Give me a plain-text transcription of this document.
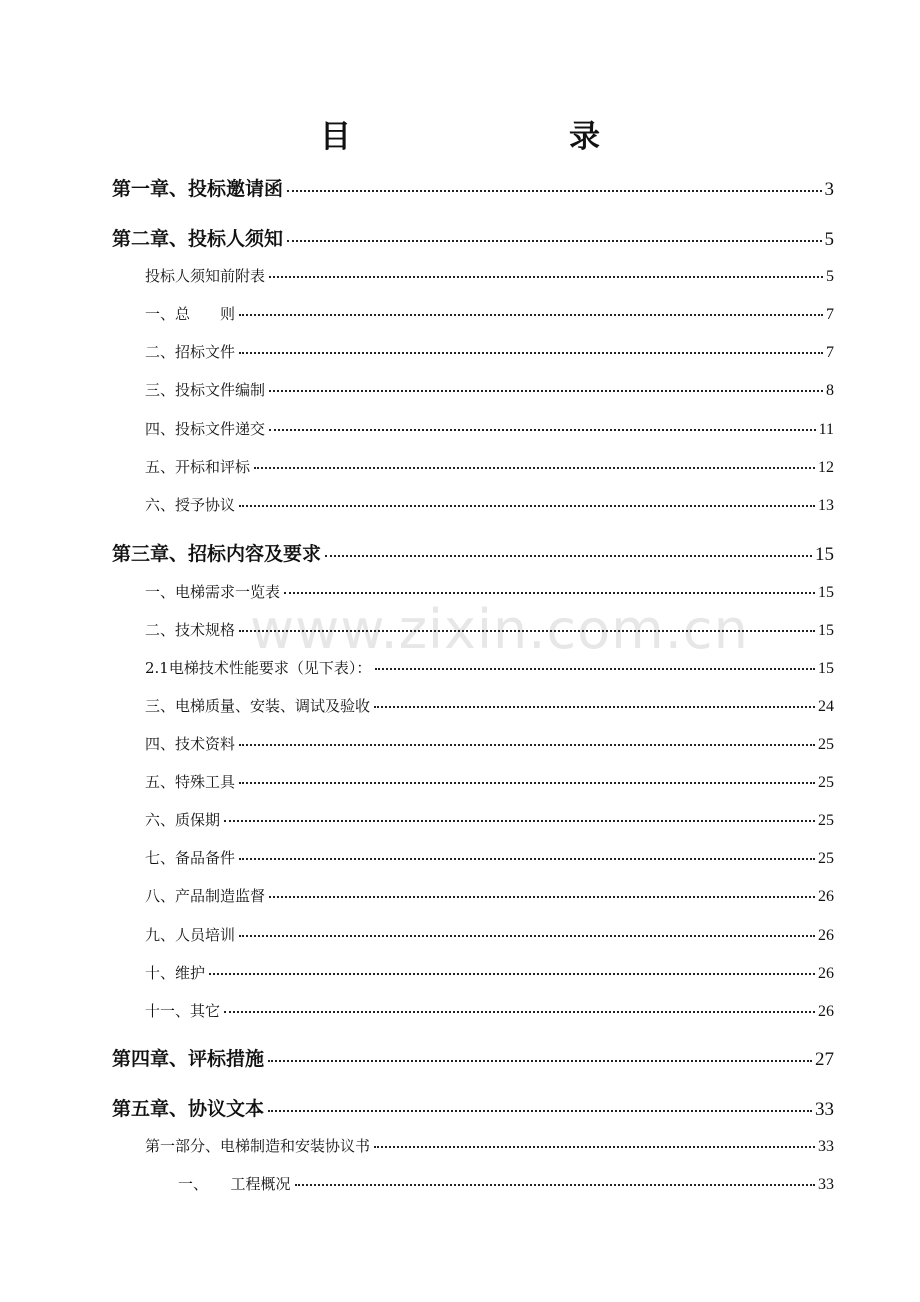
目　　录
www.zixin.com.cn
第一章、投标邀请函	3
第二章、投标人须知	5
投标人须知前附表	5
一、总　　则	7
二、招标文件	7
三、投标文件编制	8
四、投标文件递交	11
五、开标和评标	12
六、授予协议	13
第三章、招标内容及要求	15
一、电梯需求一览表	15
二、技术规格	15
2.1电梯技术性能要求（见下表）：	15
三、电梯质量、安装、调试及验收	24
四、技术资料	25
五、特殊工具	25
六、质保期	25
七、备品备件	25
八、产品制造监督	26
九、人员培训	26
十、维护	26
十一、其它	26
第四章、评标措施	27
第五章、协议文本	33
第一部分、电梯制造和安装协议书	33
一、　　工程概况	33
